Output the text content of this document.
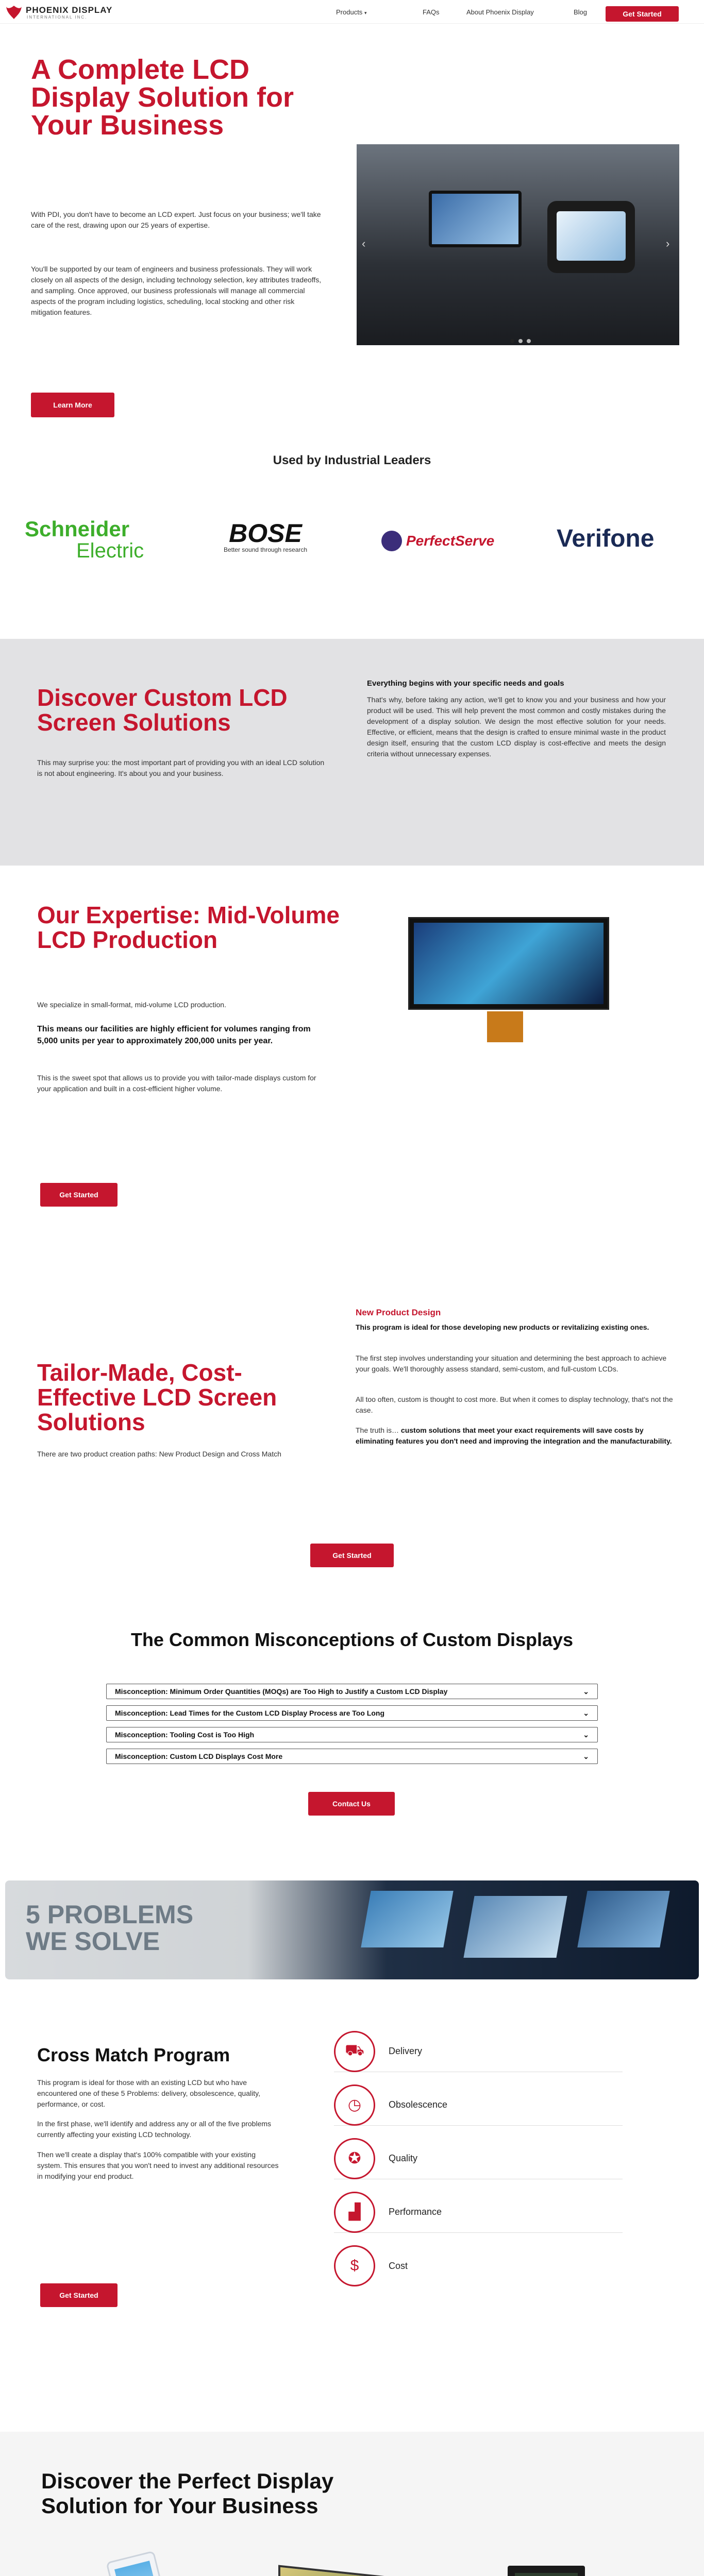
PHOENIX DISPLAY
INTERNATIONAL INC.
Products ▾	FAQs	About Phoenix Display	Blog	Get Started
A Complete LCD Display Solution for Your Business

With PDI, you don't have to become an LCD expert. Just focus on your business; we'll take care of the rest, drawing upon our 25 years of expertise.

You'll be supported by our team of engineers and business professionals. They will work closely on all aspects of the design, including technology selection, key attributes tradeoffs, and sampling. Once approved, our business professionals will manage all commercial aspects of the program including logistics, scheduling, local stocking and other risk mitigation features.

Learn More
‹	›
Used by Industrial Leaders
Schneider
Electric
BOSE
Better sound through research
PerfectServe	Verifone
Discover Custom LCD Screen Solutions

This may surprise you: the most important part of providing you with an ideal LCD solution is not about engineering. It's about you and your business.

Everything begins with your specific needs and goals

That's why, before taking any action, we'll get to know you and your business and how your product will be used. This will help prevent the most common and costly mistakes during the development of a display solution. We design the most effective solution for your needs. Effective, or efficient, means that the design is crafted to ensure minimal waste in the product design itself, ensuring that the custom LCD display is cost-effective and meets the design criteria without unnecessary expenses.

Our Expertise: Mid-Volume LCD Production

We specialize in small-format, mid-volume LCD production.

This means our facilities are highly efficient for volumes ranging from 5,000 units per year to approximately 200,000 units per year.

This is the sweet spot that allows us to provide you with tailor-made displays custom for your application and built in a cost-efficient higher volume.

Get Started
Tailor-Made, Cost-Effective LCD Screen Solutions

There are two product creation paths: New Product Design and Cross Match

New Product Design

This program is ideal for those developing new products or revitalizing existing ones.

The first step involves understanding your situation and determining the best approach to achieve your goals. We'll thoroughly assess standard, semi-custom, and full-custom LCDs.

All too often, custom is thought to cost more. But when it comes to display technology, that's not the case.

The truth is… custom solutions that meet your exact requirements will save costs by eliminating features you don't need and improving the integration and the manufacturability.

Get Started
The Common Misconceptions of Custom Displays
Misconception: Minimum Order Quantities (MOQs) are Too High to Justify a Custom LCD Display	⌄
Misconception: Lead Times for the Custom LCD Display Process are Too Long	⌄
Misconception: Tooling Cost is Too High	⌄
Misconception: Custom LCD Displays Cost More	⌄
Contact Us
5 PROBLEMS
WE SOLVE
Cross Match Program

This program is ideal for those with an existing LCD but who have encountered one of these 5 Problems: delivery, obsolescence, quality, performance, or cost.

In the first phase, we'll identify and address any or all of the five problems currently affecting your existing LCD technology.

Then we'll create a display that's 100% compatible with your existing system. This ensures that you won't need to invest any additional resources in modifying your end product.

Get Started
⛟	Delivery
◷	Obsolescence
✪	Quality
▟	Performance
$	Cost
Discover the Perfect Display Solution for Your Business
